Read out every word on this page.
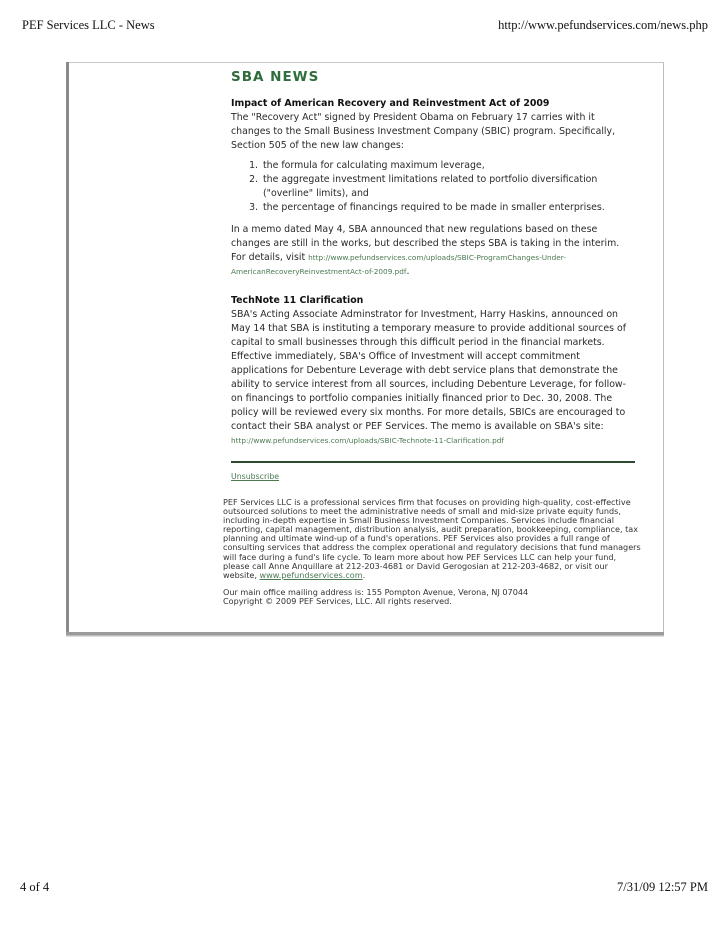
PEF Services LLC - News	http://www.pefundservices.com/news.php
SBA NEWS

Impact of American Recovery and Reinvestment Act of 2009

The "Recovery Act" signed by President Obama on February 17 carries with it changes to the Small Business Investment Company (SBIC) program. Specifically, Section 505 of the new law changes:

1. the formula for calculating maximum leverage,
2. the aggregate investment limitations related to portfolio diversification ("overline" limits), and
3. the percentage of financings required to be made in smaller enterprises.

In a memo dated May 4, SBA announced that new regulations based on these changes are still in the works, but described the steps SBA is taking in the interim. For details, visit http://www.pefundservices.com/uploads/SBIC-ProgramChanges-Under-AmericanRecoveryReinvestmentAct-of-2009.pdf.

TechNote 11 Clarification

SBA's Acting Associate Adminstrator for Investment, Harry Haskins, announced on May 14 that SBA is instituting a temporary measure to provide additional sources of capital to small businesses through this difficult period in the financial markets. Effective immediately, SBA's Office of Investment will accept commitment applications for Debenture Leverage with debt service plans that demonstrate the ability to service interest from all sources, including Debenture Leverage, for follow-on financings to portfolio companies initially financed prior to Dec. 30, 2008. The policy will be reviewed every six months. For more details, SBICs are encouraged to contact their SBA analyst or PEF Services. The memo is available on SBA's site:

http://www.pefundservices.com/uploads/SBIC-Technote-11-Clarification.pdf
Unsubscribe

PEF Services LLC is a professional services firm that focuses on providing high-quality, cost-effective outsourced solutions to meet the administrative needs of small and mid-size private equity funds, including in-depth expertise in Small Business Investment Companies. Services include financial reporting, capital management, distribution analysis, audit preparation, bookkeeping, compliance, tax planning and ultimate wind-up of a fund's operations. PEF Services also provides a full range of consulting services that address the complex operational and regulatory decisions that fund managers will face during a fund's life cycle. To learn more about how PEF Services LLC can help your fund, please call Anne Anquillare at 212-203-4681 or David Gerogosian at 212-203-4682, or visit our website, www.pefundservices.com.

Our main office mailing address is: 155 Pompton Avenue, Verona, NJ 07044
Copyright © 2009 PEF Services, LLC. All rights reserved.
4 of 4	7/31/09 12:57 PM
